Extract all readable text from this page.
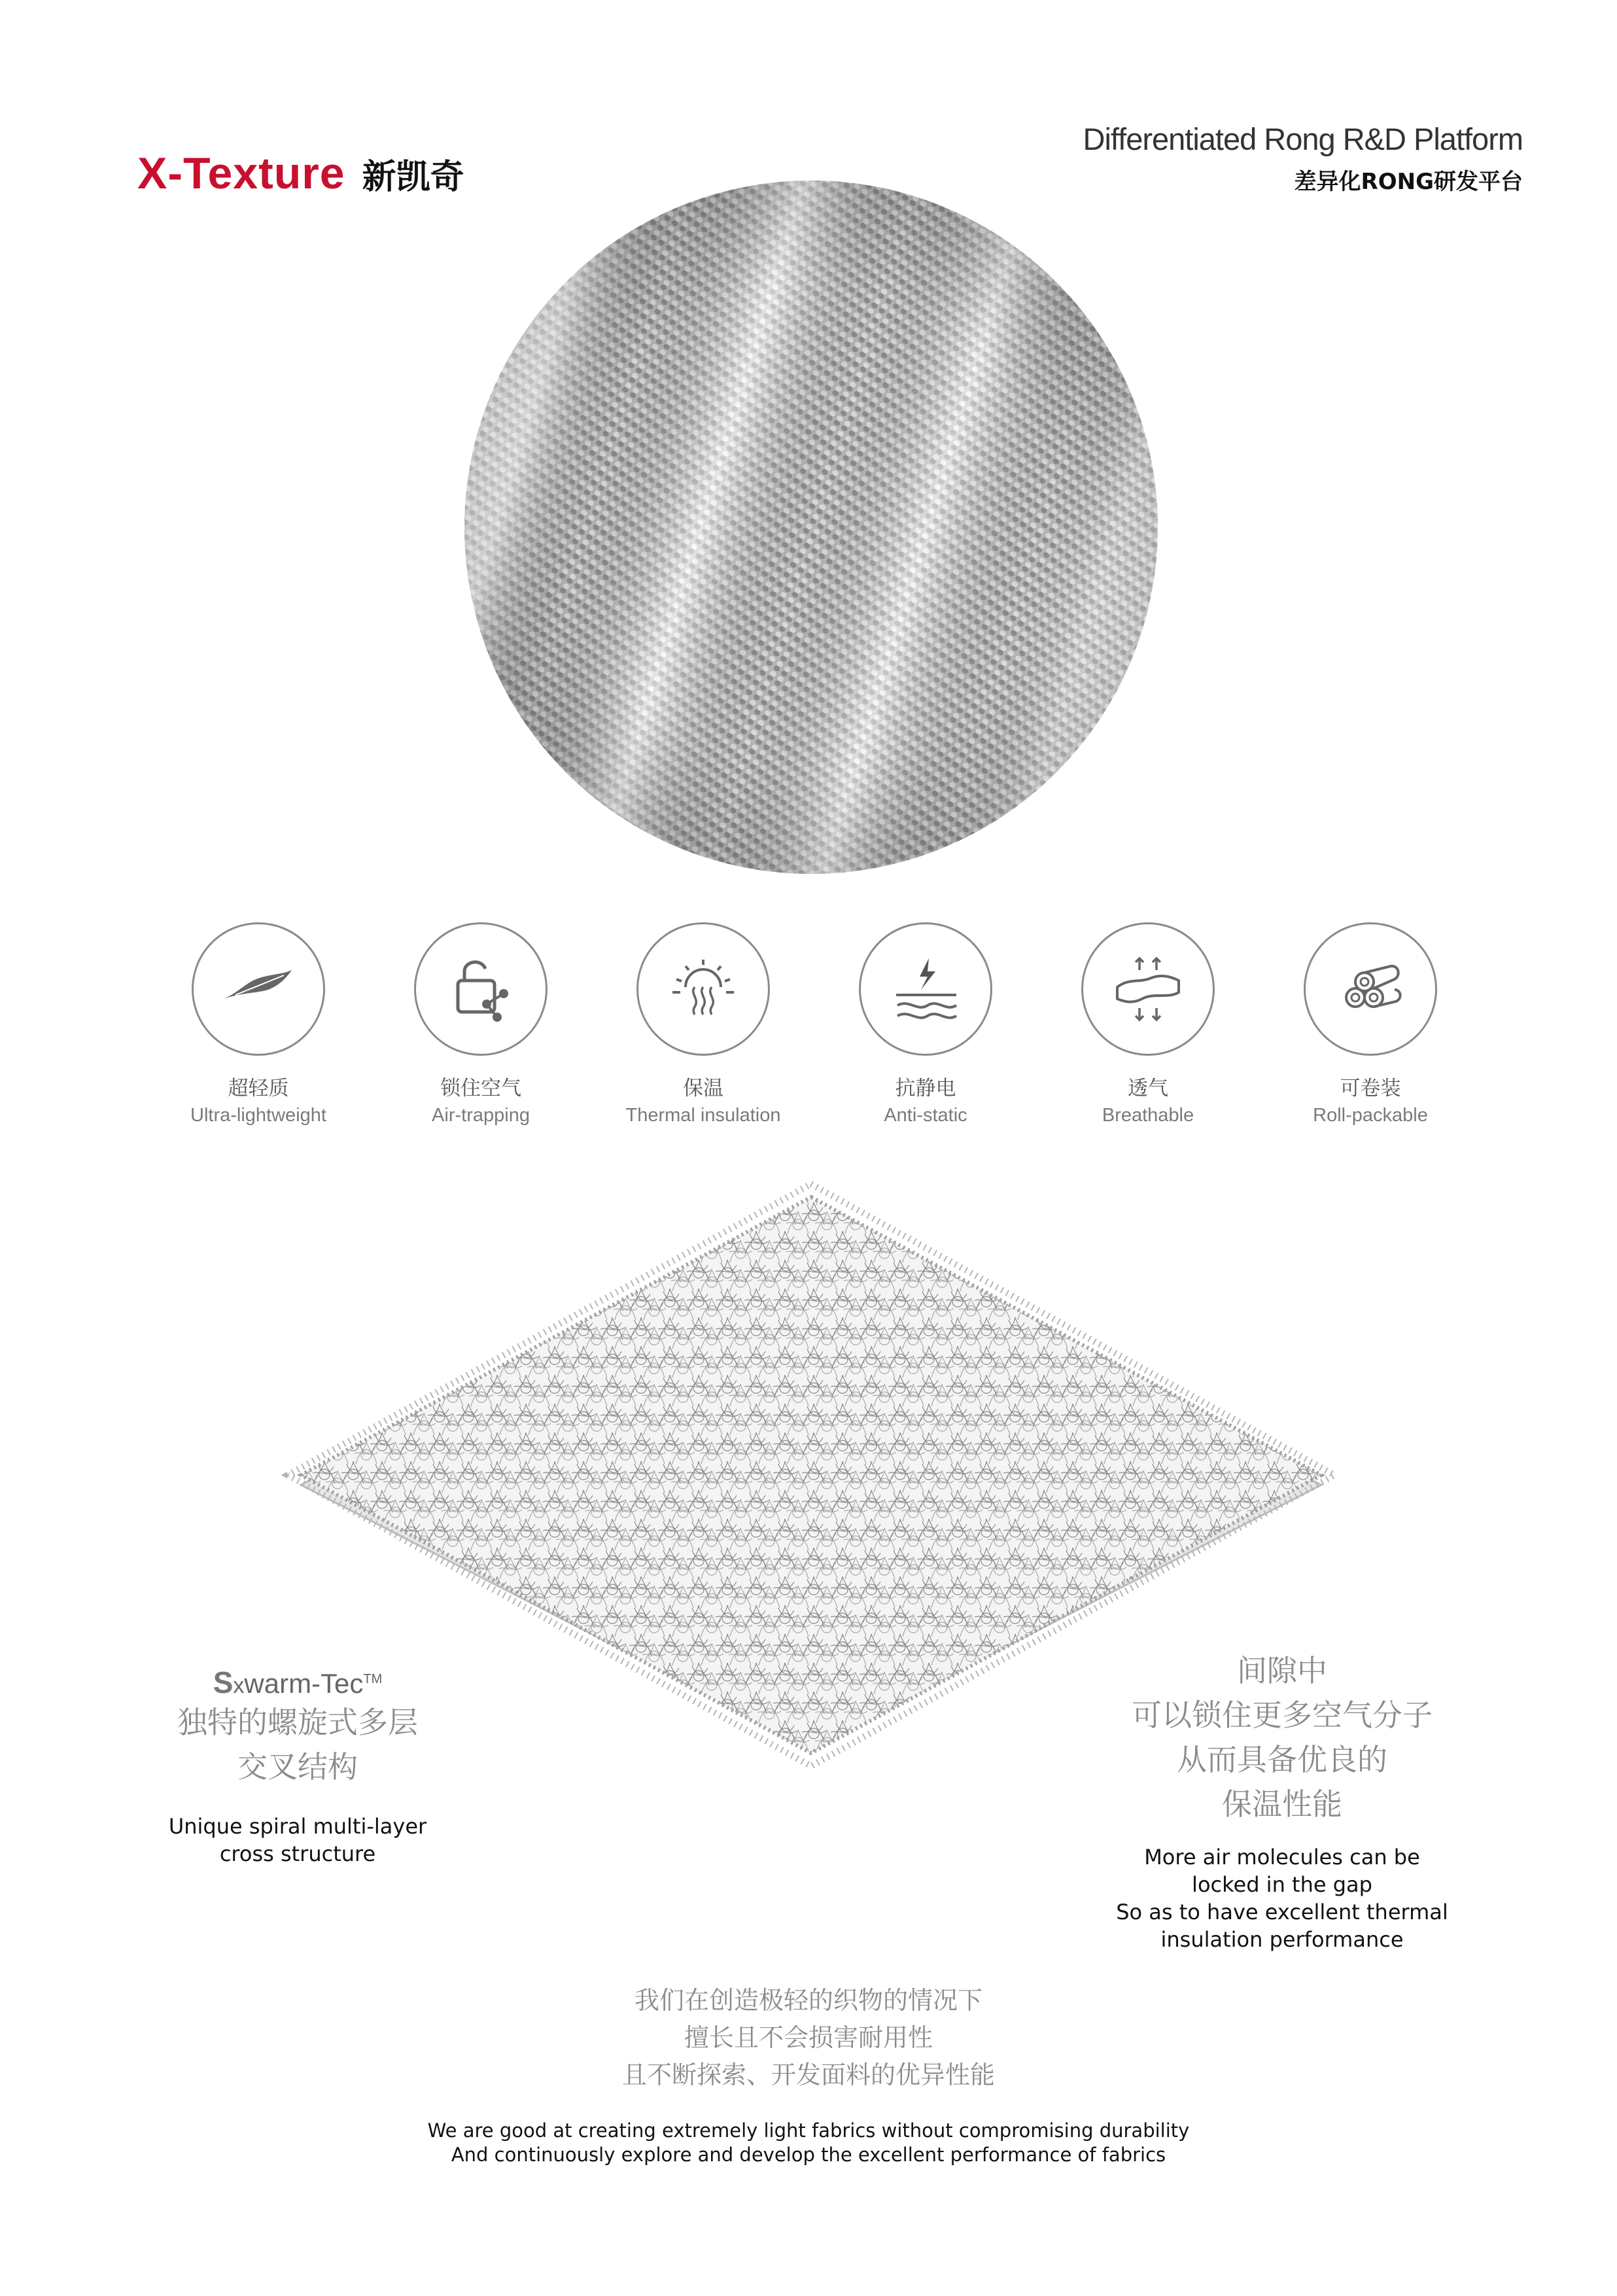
X-Texture 新凯奇
Differentiated Rong R&D Platform
差异化RONG研发平台
超轻质
Ultra-lightweight
锁住空气
Air-trapping
保温
Thermal insulation
抗静电
Anti-static
透气
Breathable
可卷装
Roll-packable
Sxwarm-Tec™
独特的螺旋式多层
交叉结构
Unique spiral multi-layer
cross structure
间隙中
可以锁住更多空气分子
从而具备优良的
保温性能
More air molecules can be
locked in the gap
So as to have excellent thermal
insulation performance
我们在创造极轻的织物的情况下
擅长且不会损害耐用性
且不断探索、开发面料的优异性能
We are good at creating extremely light fabrics without compromising durability
And continuously explore and develop the excellent performance of fabrics
